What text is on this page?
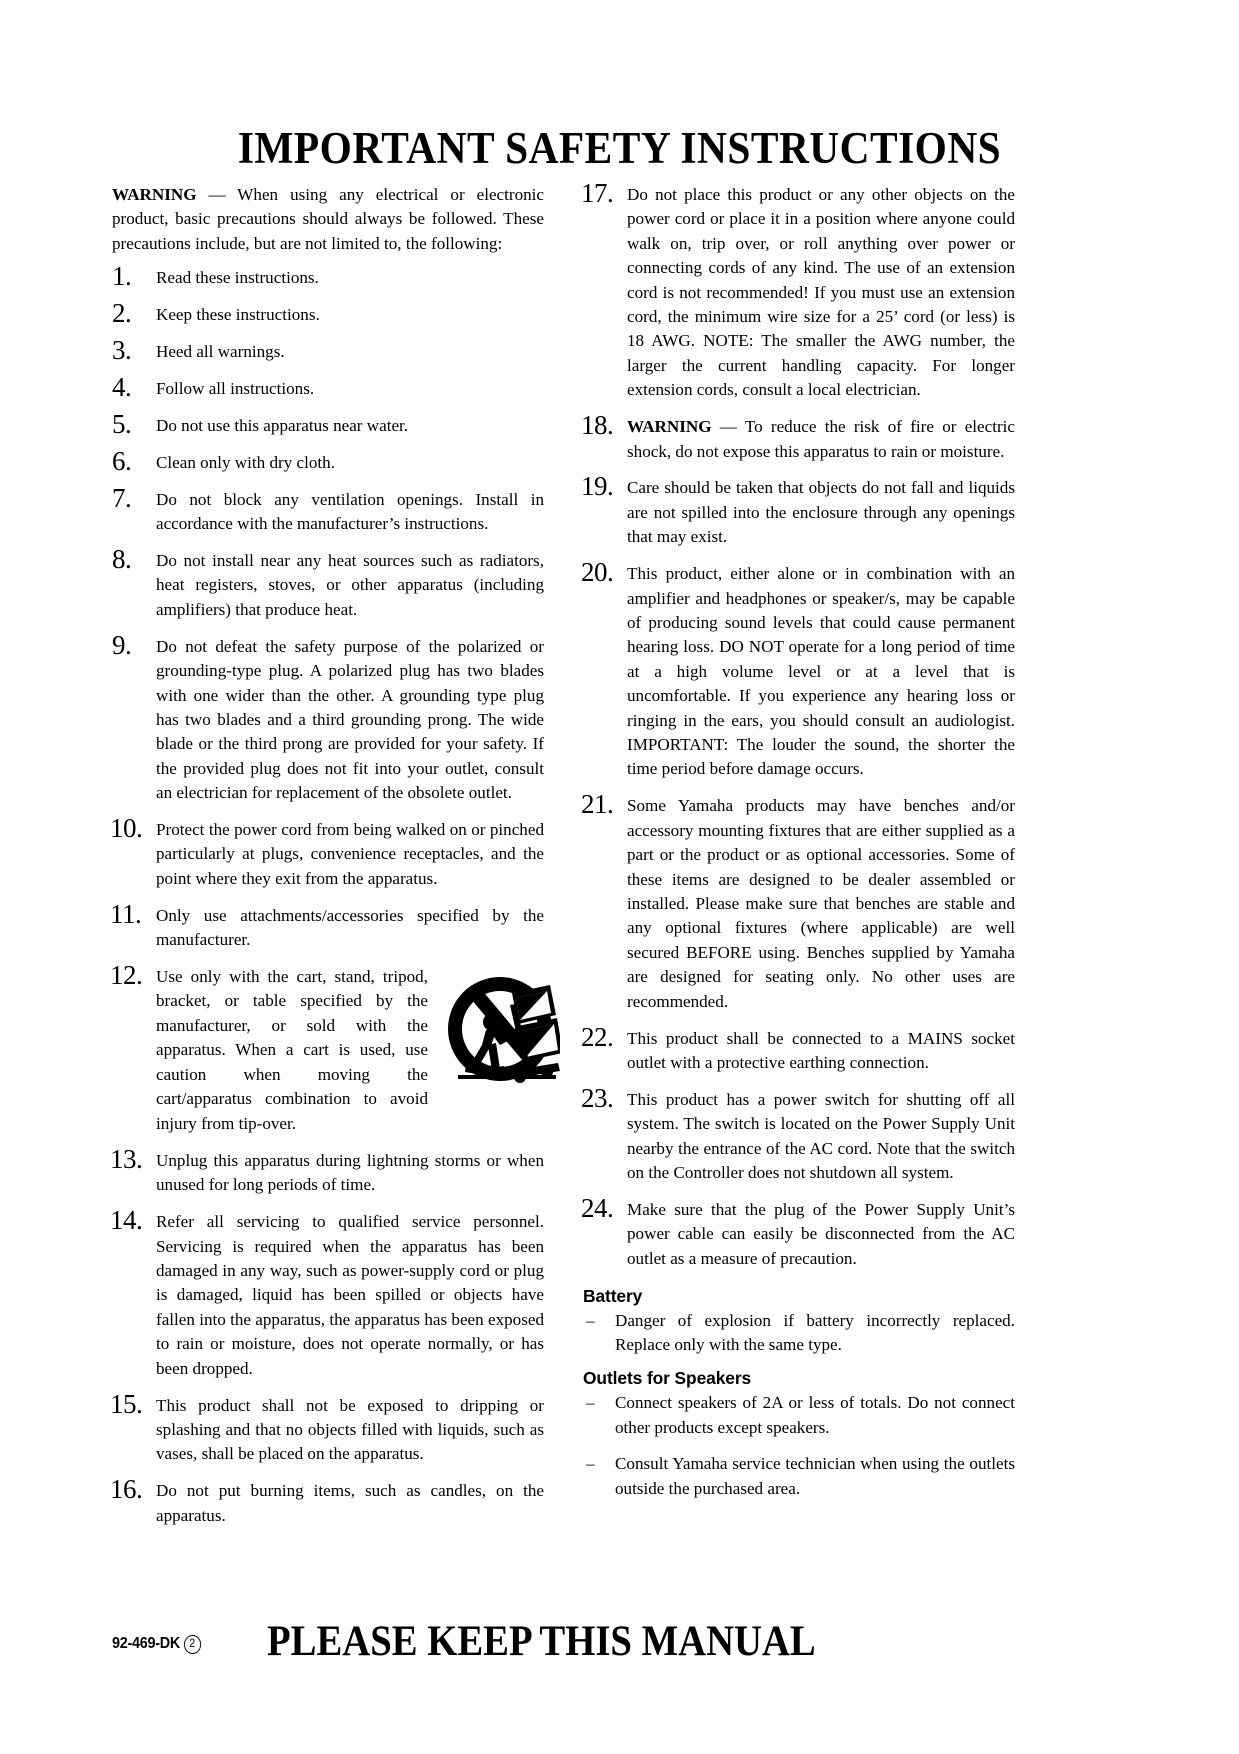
IMPORTANT SAFETY INSTRUCTIONS

WARNING — When using any electrical or electronic product, basic precautions should always be followed. These precautions include, but are not limited to, the following:

1.	Read these instructions.
2.	Keep these instructions.
3.	Heed all warnings.
4.	Follow all instructions.
5.	Do not use this apparatus near water.
6.	Clean only with dry cloth.
7.	Do not block any ventilation openings. Install in accordance with the manufacturer’s instructions.
8.	Do not install near any heat sources such as radiators, heat registers, stoves, or other apparatus (including amplifiers) that produce heat.
9.	Do not defeat the safety purpose of the polarized or grounding-type plug. A polarized plug has two blades with one wider than the other. A grounding type plug has two blades and a third grounding prong. The wide blade or the third prong are provided for your safety. If the provided plug does not fit into your outlet, consult an electrician for replacement of the obsolete outlet.
10. Protect the power cord from being walked on or pinched particularly at plugs, convenience receptacles, and the point where they exit from the apparatus.
11. Only use attachments/accessories specified by the manufacturer.
12. Use only with the cart, stand, tripod, bracket, or table specified by the manufacturer, or sold with the apparatus. When a cart is used, use caution when moving the cart/apparatus combination to avoid injury from tip-over.
13. Unplug this apparatus during lightning storms or when unused for long periods of time.
14. Refer all servicing to qualified service personnel. Servicing is required when the apparatus has been damaged in any way, such as power-supply cord or plug is damaged, liquid has been spilled or objects have fallen into the apparatus, the apparatus has been exposed to rain or moisture, does not operate normally, or has been dropped.
15. This product shall not be exposed to dripping or splashing and that no objects filled with liquids, such as vases, shall be placed on the apparatus.
16. Do not put burning items, such as candles, on the apparatus.
17. Do not place this product or any other objects on the power cord or place it in a position where anyone could walk on, trip over, or roll anything over power or connecting cords of any kind. The use of an extension cord is not recommended! If you must use an extension cord, the minimum wire size for a 25’ cord (or less) is 18 AWG. NOTE: The smaller the AWG number, the larger the current handling capacity. For longer extension cords, consult a local electrician.
18. WARNING — To reduce the risk of fire or electric shock, do not expose this apparatus to rain or moisture.
19. Care should be taken that objects do not fall and liquids are not spilled into the enclosure through any openings that may exist.
20. This product, either alone or in combination with an amplifier and headphones or speaker/s, may be capable of producing sound levels that could cause permanent hearing loss. DO NOT operate for a long period of time at a high volume level or at a level that is uncomfortable. If you experience any hearing loss or ringing in the ears, you should consult an audiologist. IMPORTANT: The louder the sound, the shorter the time period before damage occurs.
21. Some Yamaha products may have benches and/or accessory mounting fixtures that are either supplied as a part or the product or as optional accessories. Some of these items are designed to be dealer assembled or installed. Please make sure that benches are stable and any optional fixtures (where applicable) are well secured BEFORE using. Benches supplied by Yamaha are designed for seating only. No other uses are recommended.
22. This product shall be connected to a MAINS socket outlet with a protective earthing connection.
23. This product has a power switch for shutting off all system. The switch is located on the Power Supply Unit nearby the entrance of the AC cord. Note that the switch on the Controller does not shutdown all system.
24. Make sure that the plug of the Power Supply Unit’s power cable can easily be disconnected from the AC outlet as a measure of precaution.
Battery
– Danger of explosion if battery incorrectly replaced. Replace only with the same type.
Outlets for Speakers
– Connect speakers of 2A or less of totals. Do not connect other products except speakers.
– Consult Yamaha service technician when using the outlets outside the purchased area.
92-469-DK 2 PLEASE KEEP THIS MANUAL
